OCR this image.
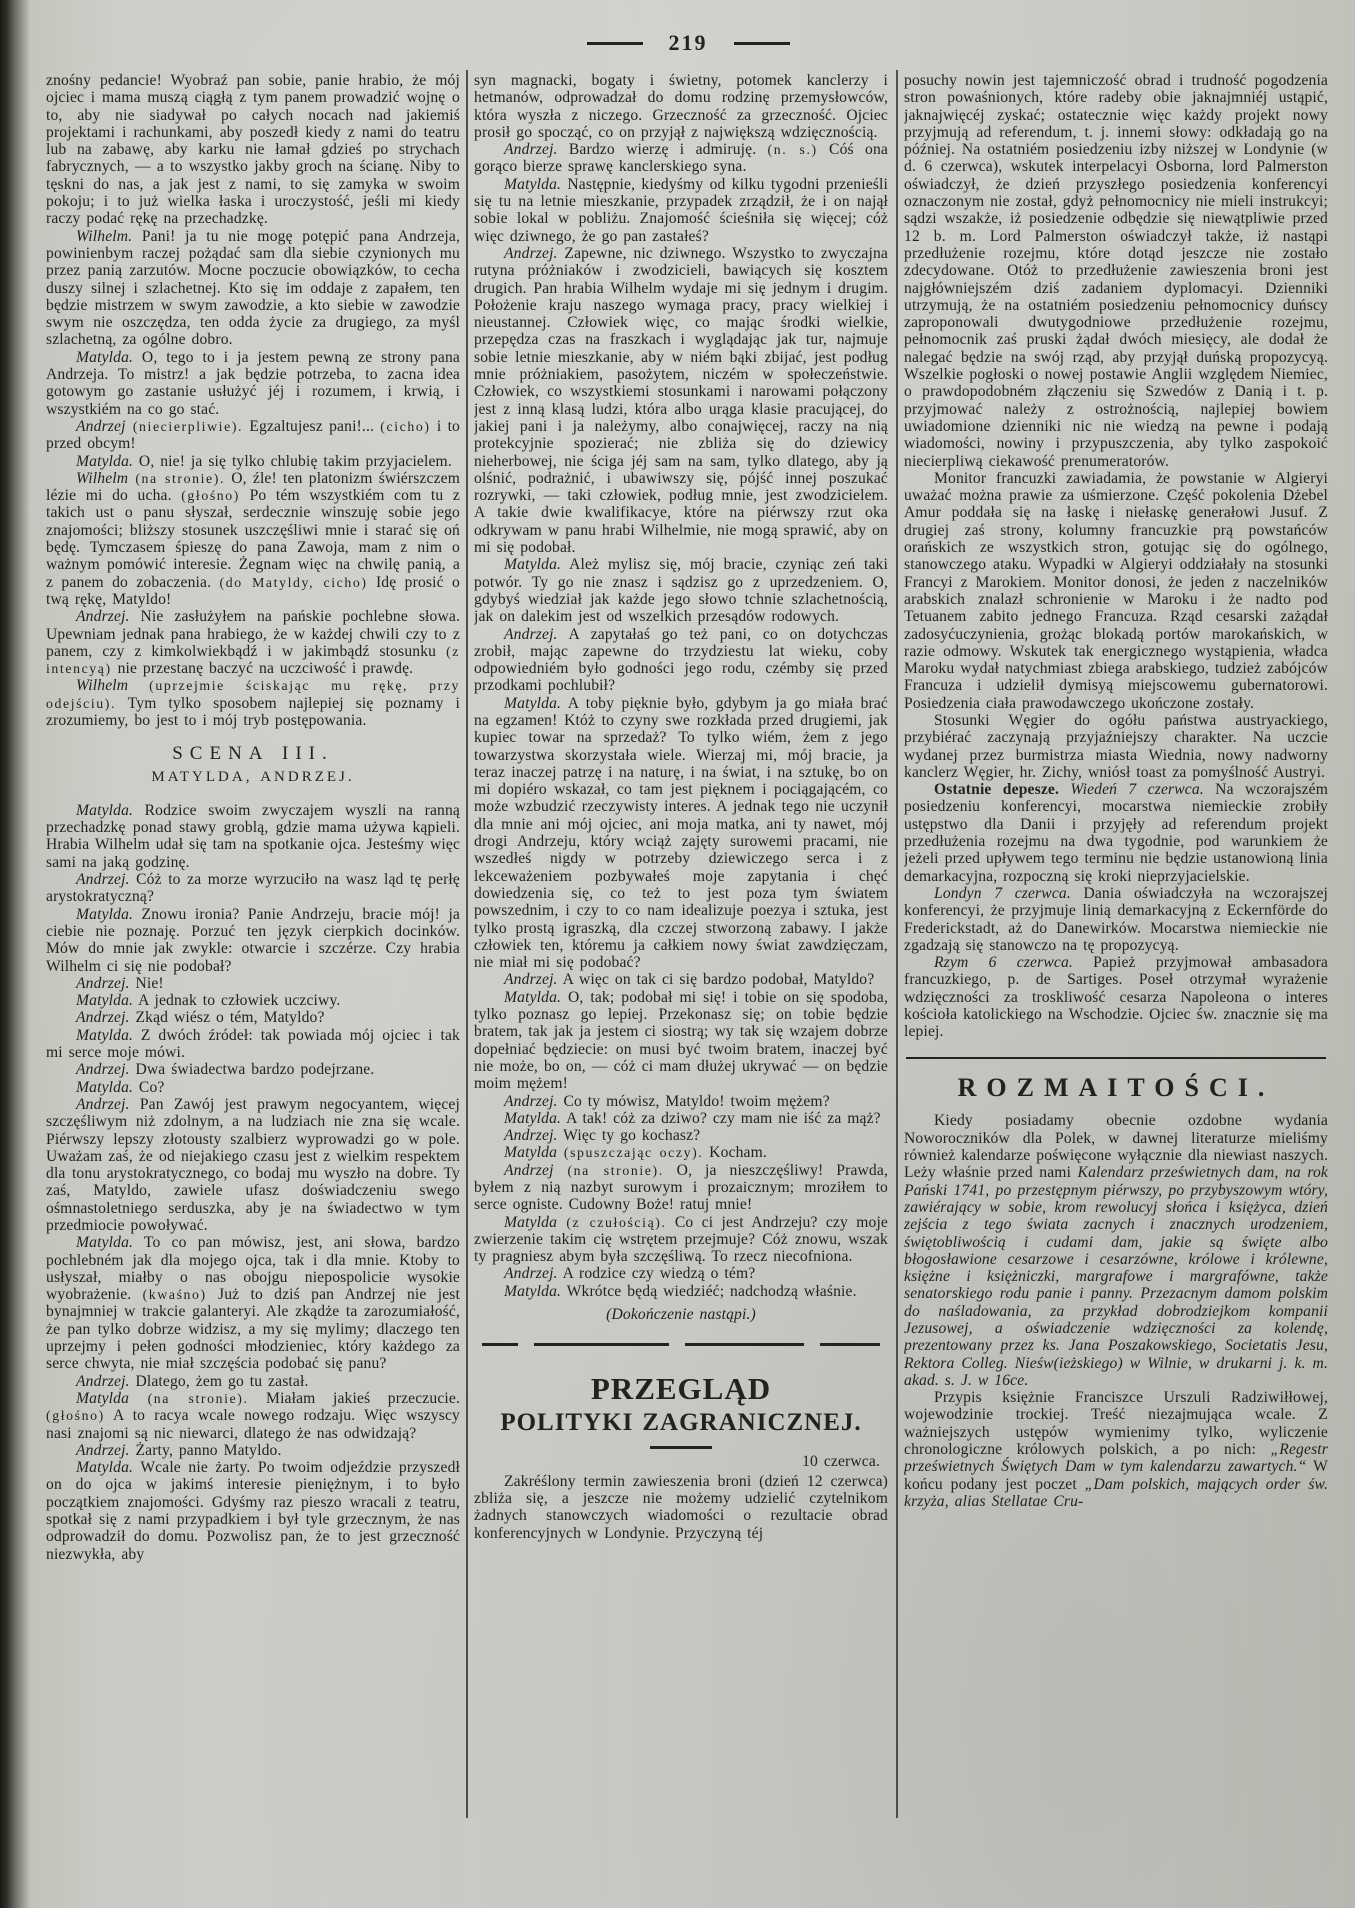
219

znośny pedancie! Wyobraź pan sobie, panie hrabio, że mój ojciec i mama muszą ciągłą z tym panem prowadzić wojnę o to, aby nie siadywał po całych nocach nad jakiemiś projektami i rachunkami, aby poszedł kiedy z nami do teatru lub na zabawę, aby karku nie łamał gdzieś po strychach fabrycznych, — a to wszystko jakby groch na ścianę. Niby to tęskni do nas, a jak jest z nami, to się zamyka w swoim pokoju; i to już wielka łaska i uroczystość, jeśli mi kiedy raczy podać rękę na przechadzkę.

Wilhelm. Pani! ja tu nie mogę potępić pana Andrzeja, powinienbym raczej pożądać sam dla siebie czynionych mu przez panią zarzutów. Mocne poczucie obowiązków, to cecha duszy silnej i szlachetnej. Kto się im oddaje z zapałem, ten będzie mistrzem w swym zawodzie, a kto siebie w zawodzie swym nie oszczędza, ten odda życie za drugiego, za myśl szlachetną, za ogólne dobro.

Matylda. O, tego to i ja jestem pewną ze strony pana Andrzeja. To mistrz! a jak będzie potrzeba, to zacna idea gotowym go zastanie usłużyć jéj i rozumem, i krwią, i wszystkiém na co go stać.

Andrzej (niecierpliwie). Egzaltujesz pani!... (cicho) i to przed obcym!

Matylda. O, nie! ja się tylko chlubię takim przyjacielem.

Wilhelm (na stronie). O, źle! ten platonizm świérszczem lézie mi do ucha. (głośno) Po tém wszystkiém com tu z takich ust o panu słyszał, serdecznie winszuję sobie jego znajomości; bliższy stosunek uszczęśliwi mnie i starać się oń będę. Tymczasem śpieszę do pana Zawoja, mam z nim o ważnym pomówić interesie. Żegnam więc na chwilę panią, a z panem do zobaczenia. (do Matyldy, cicho) Idę prosić o twą rękę, Matyldo!

Andrzej. Nie zasłużyłem na pańskie pochlebne słowa. Upewniam jednak pana hrabiego, że w każdej chwili czy to z panem, czy z kimkolwiekbądź i w jakimbądź stosunku (z intencyą) nie przestanę baczyć na uczciwość i prawdę.

Wilhelm (uprzejmie ściskając mu rękę, przy odejściu). Tym tylko sposobem najlepiej się poznamy i zrozumiemy, bo jest to i mój tryb postępowania.

SCENA III.

MATYLDA, ANDRZEJ.

Matylda. Rodzice swoim zwyczajem wyszli na ranną przechadzkę ponad stawy groblą, gdzie mama używa kąpieli. Hrabia Wilhelm udał się tam na spotkanie ojca. Jesteśmy więc sami na jaką godzinę.

Andrzej. Cóż to za morze wyrzuciło na wasz ląd tę perłę arystokratyczną?

Matylda. Znowu ironia? Panie Andrzeju, bracie mój! ja ciebie nie poznaję. Porzuć ten język cierpkich docinków. Mów do mnie jak zwykle: otwarcie i szczérze. Czy hrabia Wilhelm ci się nie podobał?

Andrzej. Nie!

Matylda. A jednak to człowiek uczciwy.

Andrzej. Zkąd wiész o tém, Matyldo?

Matylda. Z dwóch źródeł: tak powiada mój ojciec i tak mi serce moje mówi.

Andrzej. Dwa świadectwa bardzo podejrzane.

Matylda. Co?

Andrzej. Pan Zawój jest prawym negocyantem, więcej szczęśliwym niż zdolnym, a na ludziach nie zna się wcale. Piérwszy lepszy złotousty szalbierz wyprowadzi go w pole. Uważam zaś, że od niejakiego czasu jest z wielkim respektem dla tonu arystokratycznego, co bodaj mu wyszło na dobre. Ty zaś, Matyldo, zawiele ufasz doświadczeniu swego ośmnastoletniego serduszka, aby je na świadectwo w tym przedmiocie powoływać.

Matylda. To co pan mówisz, jest, ani słowa, bardzo pochlebném jak dla mojego ojca, tak i dla mnie. Ktoby to usłyszał, miałby o nas obojgu niepospolicie wysokie wyobrażenie. (kwaśno) Już to dziś pan Andrzej nie jest bynajmniej w trakcie galanteryi. Ale zkądże ta zarozumiałość, że pan tylko dobrze widzisz, a my się mylimy; dlaczego ten uprzejmy i pełen godności młodzieniec, który każdego za serce chwyta, nie miał szczęścia podobać się panu?

Andrzej. Dlatego, żem go tu zastał.

Matylda (na stronie). Miałam jakieś przeczucie. (głośno) A to racya wcale nowego rodzaju. Więc wszyscy nasi znajomi są nic niewarci, dlatego że nas odwidzają?

Andrzej. Żarty, panno Matyldo.

Matylda. Wcale nie żarty. Po twoim odjeździe przyszedł on do ojca w jakimś interesie pieniężnym, i to było początkiem znajomości. Gdyśmy raz pieszo wracali z teatru, spotkał się z nami przypadkiem i był tyle grzecznym, że nas odprowadził do domu. Pozwolisz pan, że to jest grzeczność niezwykła, aby

syn magnacki, bogaty i świetny, potomek kanclerzy i hetmanów, odprowadzał do domu rodzinę przemysłowców, która wyszła z niczego. Grzeczność za grzeczność. Ojciec prosił go spocząć, co on przyjął z największą wdzięcznością.

Andrzej. Bardzo wierzę i admiruję. (n. s.) Cóś ona gorąco bierze sprawę kanclerskiego syna.

Matylda. Następnie, kiedyśmy od kilku tygodni przenieśli się tu na letnie mieszkanie, przypadek zrządził, że i on najął sobie lokal w pobliżu. Znajomość ścieśniła się więcej; cóż więc dziwnego, że go pan zastałeś?

Andrzej. Zapewne, nic dziwnego. Wszystko to zwyczajna rutyna próżniaków i zwodzicieli, bawiących się kosztem drugich. Pan hrabia Wilhelm wydaje mi się jednym i drugim. Położenie kraju naszego wymaga pracy, pracy wielkiej i nieustannej. Człowiek więc, co mając środki wielkie, przepędza czas na fraszkach i wyglądając jak tur, najmuje sobie letnie mieszkanie, aby w niém bąki zbijać, jest podług mnie próżniakiem, pasożytem, niczém w społeczeństwie. Człowiek, co wszystkiemi stosunkami i narowami połączony jest z inną klasą ludzi, która albo urąga klasie pracującej, do jakiej pani i ja należymy, albo conajwięcej, raczy na nią protekcyjnie spozierać; nie zbliża się do dziewicy nieherbowej, nie ściga jéj sam na sam, tylko dlatego, aby ją olśnić, podrażnić, i ubawiwszy się, pójść innej poszukać rozrywki, — taki człowiek, podług mnie, jest zwodzicielem. A takie dwie kwalifikacye, które na piérwszy rzut oka odkrywam w panu hrabi Wilhelmie, nie mogą sprawić, aby on mi się podobał.

Matylda. Ależ mylisz się, mój bracie, czyniąc zeń taki potwór. Ty go nie znasz i sądzisz go z uprzedzeniem. O, gdybyś wiedział jak każde jego słowo tchnie szlachetnością, jak on dalekim jest od wszelkich przesądów rodowych.

Andrzej. A zapytałaś go też pani, co on dotychczas zrobił, mając zapewne do trzydziestu lat wieku, coby odpowiedniém było godności jego rodu, czémby się przed przodkami pochlubił?

Matylda. A toby pięknie było, gdybym ja go miała brać na egzamen! Któż to czyny swe rozkłada przed drugiemi, jak kupiec towar na sprzedaż? To tylko wiém, żem z jego towarzystwa skorzystała wiele. Wierzaj mi, mój bracie, ja teraz inaczej patrzę i na naturę, i na świat, i na sztukę, bo on mi dopiéro wskazał, co tam jest pięknem i pociągającém, co może wzbudzić rzeczywisty interes. A jednak tego nie uczynił dla mnie ani mój ojciec, ani moja matka, ani ty nawet, mój drogi Andrzeju, który wciąż zajęty surowemi pracami, nie wszedłeś nigdy w potrzeby dziewiczego serca i z lekceważeniem pozbywałeś moje zapytania i chęć dowiedzenia się, co też to jest poza tym światem powszednim, i czy to co nam idealizuje poezya i sztuka, jest tylko prostą igraszką, dla czczej stworzoną zabawy. I jakże człowiek ten, któremu ja całkiem nowy świat zawdzięczam, nie miał mi się podobać?

Andrzej. A więc on tak ci się bardzo podobał, Matyldo?

Matylda. O, tak; podobał mi się! i tobie on się spodoba, tylko poznasz go lepiej. Przekonasz się; on tobie będzie bratem, tak jak ja jestem ci siostrą; wy tak się wzajem dobrze dopełniać będziecie: on musi być twoim bratem, inaczej być nie może, bo on, — cóż ci mam dłużej ukrywać — on będzie moim mężem!

Andrzej. Co ty mówisz, Matyldo! twoim mężem?

Matylda. A tak! cóż za dziwo? czy mam nie iść za mąż?

Andrzej. Więc ty go kochasz?

Matylda (spuszczając oczy). Kocham.

Andrzej (na stronie). O, ja nieszczęśliwy! Prawda, byłem z nią nazbyt surowym i prozaicznym; mroziłem to serce ogniste. Cudowny Boże! ratuj mnie!

Matylda (z czułością). Co ci jest Andrzeju? czy moje zwierzenie takim cię wstrętem przejmuje? Cóż znowu, wszak ty pragniesz abym była szczęśliwą. To rzecz niecofniona.

Andrzej. A rodzice czy wiedzą o tém?

Matylda. Wkrótce będą wiedziéć; nadchodzą właśnie.

(Dokończenie nastąpi.)

PRZEGLĄD

POLITYKI ZAGRANICZNEJ.

10 czerwca.

Zakréślony termin zawieszenia broni (dzień 12 czerwca) zbliża się, a jeszcze nie możemy udzielić czytelnikom żadnych stanowczych wiadomości o rezultacie obrad konferencyjnych w Londynie. Przyczyną téj

posuchy nowin jest tajemniczość obrad i trudność pogodzenia stron powaśnionych, które radeby obie jaknajmniéj ustąpić, jaknajwięcéj zyskać; ostatecznie więc każdy projekt nowy przyjmują ad referendum, t. j. innemi słowy: odkładają go na później. Na ostatniém posiedzeniu izby niższej w Londynie (w d. 6 czerwca), wskutek interpelacyi Osborna, lord Palmerston oświadczył, że dzień przyszłego posiedzenia konferencyi oznaczonym nie został, gdyż pełnomocnicy nie mieli instrukcyi; sądzi wszakże, iż posiedzenie odbędzie się niewątpliwie przed 12 b. m. Lord Palmerston oświadczył także, iż nastąpi przedłużenie rozejmu, które dotąd jeszcze nie zostało zdecydowane. Otóż to przedłużenie zawieszenia broni jest najgłówniejszém dziś zadaniem dyplomacyi. Dzienniki utrzymują, że na ostatniém posiedzeniu pełnomocnicy duńscy zaproponowali dwutygodniowe przedłużenie rozejmu, pełnomocnik zaś pruski żądał dwóch miesięcy, ale dodał że nalegać będzie na swój rząd, aby przyjął duńską propozycyą. Wszelkie pogłoski o nowej postawie Anglii względem Niemiec, o prawdopodobném złączeniu się Szwedów z Danią i t. p. przyjmować należy z ostrożnością, najlepiej bowiem uwiadomione dzienniki nic nie wiedzą na pewne i podają wiadomości, nowiny i przypuszczenia, aby tylko zaspokoić niecierpliwą ciekawość prenumeratorów.

Monitor francuzki zawiadamia, że powstanie w Algieryi uważać można prawie za uśmierzone. Część pokolenia Dżebel Amur poddała się na łaskę i niełaskę generałowi Jusuf. Z drugiej zaś strony, kolumny francuzkie prą powstańców orańskich ze wszystkich stron, gotując się do ogólnego, stanowczego ataku. Wypadki w Algieryi oddziałały na stosunki Francyi z Marokiem. Monitor donosi, że jeden z naczelników arabskich znalazł schronienie w Maroku i że nadto pod Tetuanem zabito jednego Francuza. Rząd cesarski zażądał zadosyćuczynienia, grożąc blokadą portów marokańskich, w razie odmowy. Wskutek tak energicznego wystąpienia, władca Maroku wydał natychmiast zbiega arabskiego, tudzież zabójców Francuza i udzielił dymisyą miejscowemu gubernatorowi. Posiedzenia ciała prawodawczego ukończone zostały.

Stosunki Węgier do ogółu państwa austryackiego, przybiérać zaczynają przyjaźniejszy charakter. Na uczcie wydanej przez burmistrza miasta Wiednia, nowy nadworny kanclerz Węgier, hr. Zichy, wniósł toast za pomyślność Austryi.

Ostatnie depesze. Wiedeń 7 czerwca. Na wczorajszém posiedzeniu konferencyi, mocarstwa niemieckie zrobiły ustępstwo dla Danii i przyjęły ad referendum projekt przedłużenia rozejmu na dwa tygodnie, pod warunkiem że jeżeli przed upływem tego terminu nie będzie ustanowioną linia demarkacyjna, rozpoczną się kroki nieprzyjacielskie.

Londyn 7 czerwca. Dania oświadczyła na wczorajszej konferencyi, że przyjmuje linią demarkacyjną z Eckernförde do Frederickstadt, aż do Danewirków. Mocarstwa niemieckie nie zgadzają się stanowczo na tę propozycyą.

Rzym 6 czerwca. Papież przyjmował ambasadora francuzkiego, p. de Sartiges. Poseł otrzymał wyrażenie wdzięczności za troskliwość cesarza Napoleona o interes kościoła katolickiego na Wschodzie. Ojciec św. znacznie się ma lepiej.

ROZMAITOŚCI.

Kiedy posiadamy obecnie ozdobne wydania Noworoczników dla Polek, w dawnej literaturze mieliśmy również kalendarze poświęcone wyłącznie dla niewiast naszych. Leży właśnie przed nami Kalendarz prześwietnych dam, na rok Pański 1741, po przestępnym piérwszy, po przybyszowym wtóry, zawiérający w sobie, krom rewolucyj słońca i księżyca, dzień zejścia z tego świata zacnych i znacznych urodzeniem, świętobliwością i cudami dam, jakie są święte albo błogosławione cesarzowe i cesarzówne, królowe i królewne, księżne i księżniczki, margrafowe i margrafówne, także senatorskiego rodu panie i panny. Przezacnym damom polskim do naśladowania, za przykład dobrodziejkom kompanii Jezusowej, a oświadczenie wdzięczności za kolendę, prezentowany przez ks. Jana Poszakowskiego, Societatis Jesu, Rektora Colleg. Nieśw(ieżskiego) w Wilnie, w drukarni j. k. m. akad. s. J. w 16ce.

Przypis księżnie Franciszce Urszuli Radziwiłłowej, wojewodzinie trockiej. Treść niezajmująca wcale. Z ważniejszych ustępów wymienimy tylko, wyliczenie chronologiczne królowych polskich, a po nich: „Regestr prześwietnych Świętych Dam w tym kalendarzu zawartych.“ W końcu podany jest poczet „Dam polskich, mających order św. krzyża, alias Stellatae Cru-
